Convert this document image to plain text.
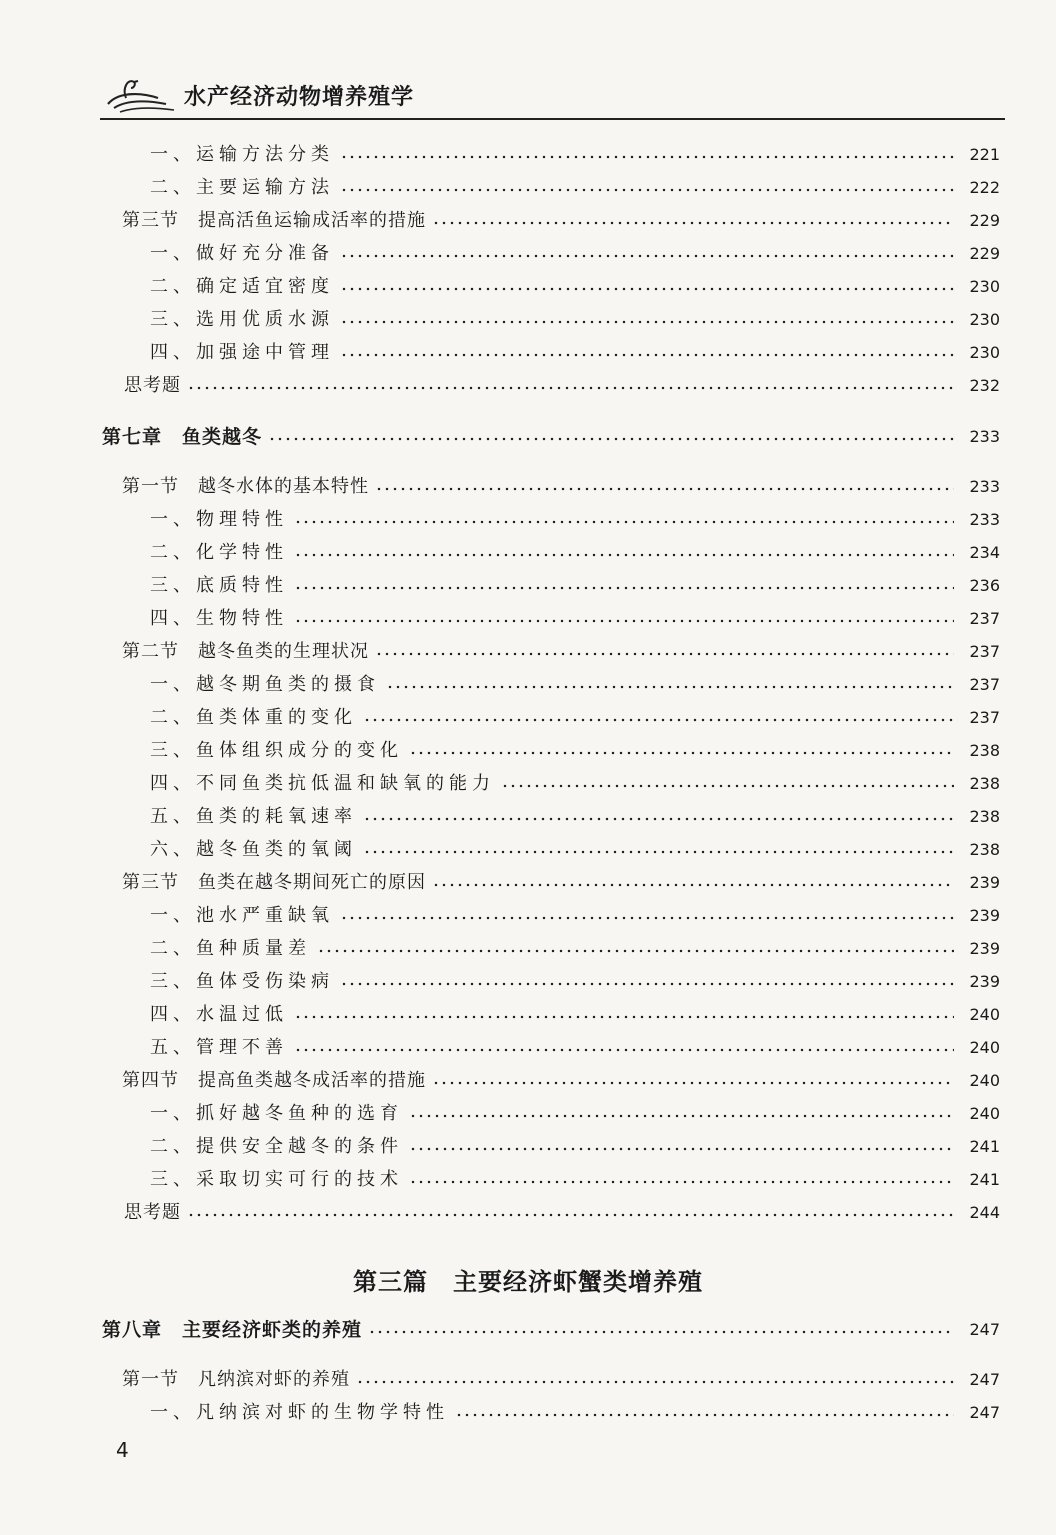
水产经济动物增养殖学
一、运输方法分类	221
二、主要运输方法	222
第三节　提高活鱼运输成活率的措施	229
一、做好充分准备	229
二、确定适宜密度	230
三、选用优质水源	230
四、加强途中管理	230
思考题	232
第七章　鱼类越冬	233
第一节　越冬水体的基本特性	233
一、物理特性	233
二、化学特性	234
三、底质特性	236
四、生物特性	237
第二节　越冬鱼类的生理状况	237
一、越冬期鱼类的摄食	237
二、鱼类体重的变化	237
三、鱼体组织成分的变化	238
四、不同鱼类抗低温和缺氧的能力	238
五、鱼类的耗氧速率	238
六、越冬鱼类的氧阈	238
第三节　鱼类在越冬期间死亡的原因	239
一、池水严重缺氧	239
二、鱼种质量差	239
三、鱼体受伤染病	239
四、水温过低	240
五、管理不善	240
第四节　提高鱼类越冬成活率的措施	240
一、抓好越冬鱼种的选育	240
二、提供安全越冬的条件	241
三、采取切实可行的技术	241
思考题	244
第八章　主要经济虾类的养殖	247
第一节　凡纳滨对虾的养殖	247
一、凡纳滨对虾的生物学特性	247
第三篇　主要经济虾蟹类增养殖
4
